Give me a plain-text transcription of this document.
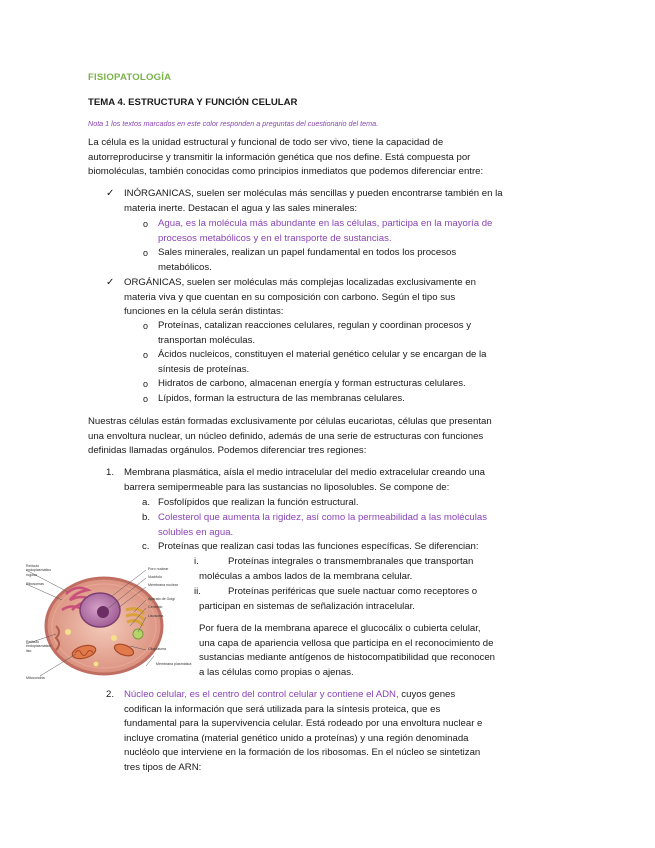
FISIOPATOLOGÍA
TEMA 4. ESTRUCTURA Y FUNCIÓN CELULAR
Nota 1 los textos marcados en este color responden a preguntas del cuestionario del tema.

La célula es la unidad estructural y funcional de todo ser vivo, tiene la capacidad de

autorreproducirse y transmitir la información genética que nos define. Está compuesta por

biomoléculas, también conocidas como principios inmediatos que podemos diferenciar entre:

✓ INÓRGANICAS, suelen ser moléculas más sencillas y pueden encontrarse también en la

materia inerte. Destacan el agua y las sales minerales:

o Agua, es la molécula más abundante en las células, participa en la mayoría de

procesos metabólicos y en el transporte de sustancias.

o Sales minerales, realizan un papel fundamental en todos los procesos

metabólicos.

✓ ORGÁNICAS, suelen ser moléculas más complejas localizadas exclusivamente en

materia viva y que cuentan en su composición con carbono. Según el tipo sus

funciones en la célula serán distintas:

o Proteínas, catalizan reacciones celulares, regulan y coordinan procesos y

transportan moléculas.

o Ácidos nucleicos, constituyen el material genético celular y se encargan de la

síntesis de proteínas.

o Hidratos de carbono, almacenan energía y forman estructuras celulares.
o Lípidos, forman la estructura de las membranas celulares.

Nuestras células están formadas exclusivamente por células eucariotas, células que presentan

una envoltura nuclear, un núcleo definido, además de una serie de estructuras con funciones

definidas llamadas orgánulos. Podemos diferenciar tres regiones:

1. Membrana plasmática, aísla el medio intracelular del medio extracelular creando una

barrera semipermeable para las sustancias no liposolubles. Se compone de:

a. Fosfolípidos que realizan la función estructural.
b. Colesterol que aumenta la rigidez, así como la permeabilidad a las moléculas

solubles en agua.

c. Proteínas que realizan casi todas las funciones específicas. Se diferencian:
i.	Proteínas integrales o transmembranales que transportan
moléculas a ambos lados de la membrana celular.
ii.	Proteínas periféricas que suele nactuar como receptores o
participan en sistemas de señalización intracelular.

Por fuera de la membrana aparece el glucocálix o cubierta celular,

una capa de apariencia vellosa que participa en el reconocimiento de

sustancias mediante antígenos de histocompatibilidad que reconocen

a las células como propias o ajenas.

Retículo endoplasmático rugoso
Ribosomas
Retículo endoplasmático liso
Mitocondria
Poro nuclear
Nucléolo
Membrana nuclear
Aparato de Golgi
Centriolo
Lisosoma
Citoplasma
Membrana plasmática
2. Núcleo celular, es el centro del control celular y contiene el ADN, cuyos genes

codifican la información que será utilizada para la síntesis proteica, que es

fundamental para la supervivencia celular. Está rodeado por una envoltura nuclear e

incluye cromatina (material genético unido a proteínas) y una región denominada

nucléolo que interviene en la formación de los ribosomas. En el núcleo se sintetizan

tres tipos de ARN:
